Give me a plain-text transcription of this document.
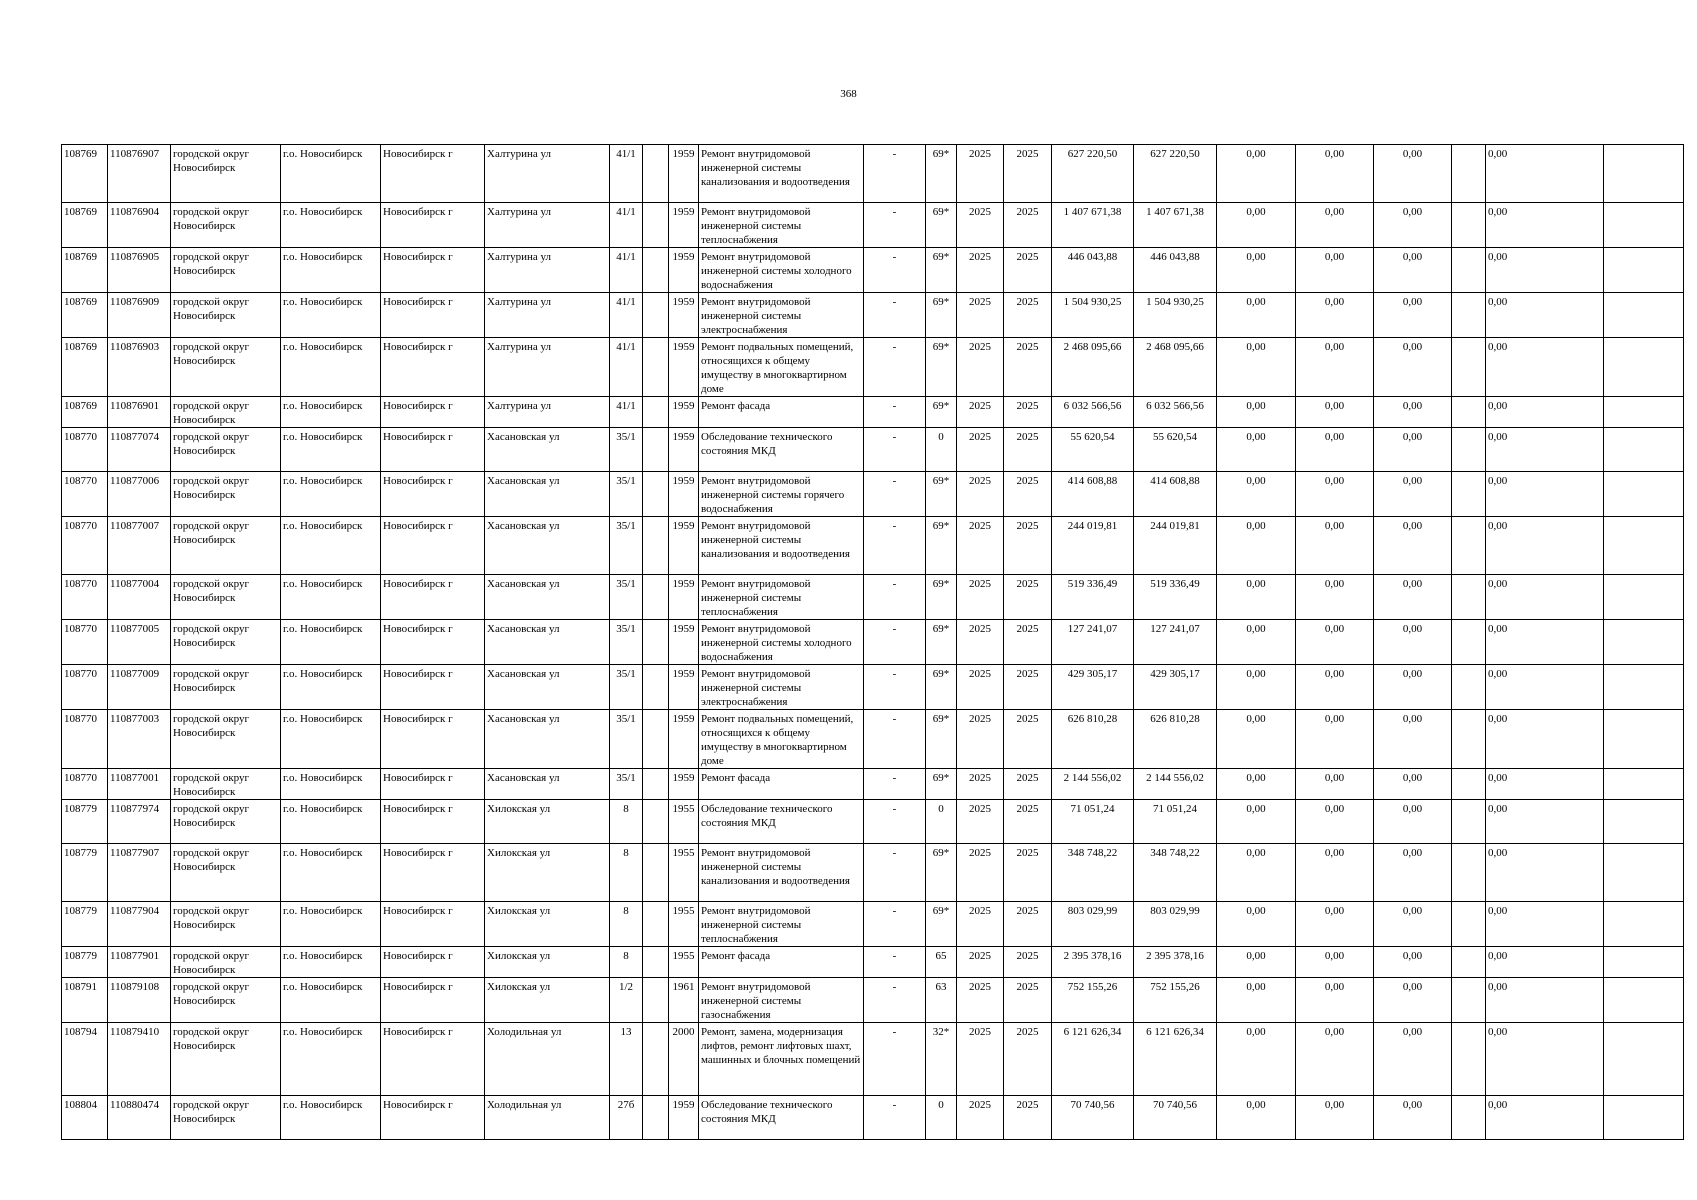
368
108769	110876907	городской округ Новосибирск	г.о. Новосибирск	Новосибирск г	Халтурина ул	41/1		1959	Ремонт внутридомовой инженерной системы канализования и водоотведения	-	69*	2025	2025	627 220,50	627 220,50	0,00	0,00	0,00		0,00	
108769	110876904	городской округ Новосибирск	г.о. Новосибирск	Новосибирск г	Халтурина ул	41/1		1959	Ремонт внутридомовой инженерной системы теплоснабжения	-	69*	2025	2025	1 407 671,38	1 407 671,38	0,00	0,00	0,00		0,00	
108769	110876905	городской округ Новосибирск	г.о. Новосибирск	Новосибирск г	Халтурина ул	41/1		1959	Ремонт внутридомовой инженерной системы холодного водоснабжения	-	69*	2025	2025	446 043,88	446 043,88	0,00	0,00	0,00		0,00	
108769	110876909	городской округ Новосибирск	г.о. Новосибирск	Новосибирск г	Халтурина ул	41/1		1959	Ремонт внутридомовой инженерной системы электроснабжения	-	69*	2025	2025	1 504 930,25	1 504 930,25	0,00	0,00	0,00		0,00	
108769	110876903	городской округ Новосибирск	г.о. Новосибирск	Новосибирск г	Халтурина ул	41/1		1959	Ремонт подвальных помещений, относящихся к общему имуществу в многоквартирном доме	-	69*	2025	2025	2 468 095,66	2 468 095,66	0,00	0,00	0,00		0,00	
108769	110876901	городской округ Новосибирск	г.о. Новосибирск	Новосибирск г	Халтурина ул	41/1		1959	Ремонт фасада	-	69*	2025	2025	6 032 566,56	6 032 566,56	0,00	0,00	0,00		0,00	
108770	110877074	городской округ Новосибирск	г.о. Новосибирск	Новосибирск г	Хасановская ул	35/1		1959	Обследование технического состояния МКД	-	0	2025	2025	55 620,54	55 620,54	0,00	0,00	0,00		0,00	
108770	110877006	городской округ Новосибирск	г.о. Новосибирск	Новосибирск г	Хасановская ул	35/1		1959	Ремонт внутридомовой инженерной системы горячего водоснабжения	-	69*	2025	2025	414 608,88	414 608,88	0,00	0,00	0,00		0,00	
108770	110877007	городской округ Новосибирск	г.о. Новосибирск	Новосибирск г	Хасановская ул	35/1		1959	Ремонт внутридомовой инженерной системы канализования и водоотведения	-	69*	2025	2025	244 019,81	244 019,81	0,00	0,00	0,00		0,00	
108770	110877004	городской округ Новосибирск	г.о. Новосибирск	Новосибирск г	Хасановская ул	35/1		1959	Ремонт внутридомовой инженерной системы теплоснабжения	-	69*	2025	2025	519 336,49	519 336,49	0,00	0,00	0,00		0,00	
108770	110877005	городской округ Новосибирск	г.о. Новосибирск	Новосибирск г	Хасановская ул	35/1		1959	Ремонт внутридомовой инженерной системы холодного водоснабжения	-	69*	2025	2025	127 241,07	127 241,07	0,00	0,00	0,00		0,00	
108770	110877009	городской округ Новосибирск	г.о. Новосибирск	Новосибирск г	Хасановская ул	35/1		1959	Ремонт внутридомовой инженерной системы электроснабжения	-	69*	2025	2025	429 305,17	429 305,17	0,00	0,00	0,00		0,00	
108770	110877003	городской округ Новосибирск	г.о. Новосибирск	Новосибирск г	Хасановская ул	35/1		1959	Ремонт подвальных помещений, относящихся к общему имуществу в многоквартирном доме	-	69*	2025	2025	626 810,28	626 810,28	0,00	0,00	0,00		0,00	
108770	110877001	городской округ Новосибирск	г.о. Новосибирск	Новосибирск г	Хасановская ул	35/1		1959	Ремонт фасада	-	69*	2025	2025	2 144 556,02	2 144 556,02	0,00	0,00	0,00		0,00	
108779	110877974	городской округ Новосибирск	г.о. Новосибирск	Новосибирск г	Хилокская ул	8		1955	Обследование технического состояния МКД	-	0	2025	2025	71 051,24	71 051,24	0,00	0,00	0,00		0,00	
108779	110877907	городской округ Новосибирск	г.о. Новосибирск	Новосибирск г	Хилокская ул	8		1955	Ремонт внутридомовой инженерной системы канализования и водоотведения	-	69*	2025	2025	348 748,22	348 748,22	0,00	0,00	0,00		0,00	
108779	110877904	городской округ Новосибирск	г.о. Новосибирск	Новосибирск г	Хилокская ул	8		1955	Ремонт внутридомовой инженерной системы теплоснабжения	-	69*	2025	2025	803 029,99	803 029,99	0,00	0,00	0,00		0,00	
108779	110877901	городской округ Новосибирск	г.о. Новосибирск	Новосибирск г	Хилокская ул	8		1955	Ремонт фасада	-	65	2025	2025	2 395 378,16	2 395 378,16	0,00	0,00	0,00		0,00	
108791	110879108	городской округ Новосибирск	г.о. Новосибирск	Новосибирск г	Хилокская ул	1/2		1961	Ремонт внутридомовой инженерной системы газоснабжения	-	63	2025	2025	752 155,26	752 155,26	0,00	0,00	0,00		0,00	
108794	110879410	городской округ Новосибирск	г.о. Новосибирск	Новосибирск г	Холодильная ул	13		2000	Ремонт, замена, модернизация лифтов, ремонт лифтовых шахт, машинных и блочных помещений	-	32*	2025	2025	6 121 626,34	6 121 626,34	0,00	0,00	0,00		0,00	
108804	110880474	городской округ Новосибирск	г.о. Новосибирск	Новосибирск г	Холодильная ул	27б		1959	Обследование технического состояния МКД	-	0	2025	2025	70 740,56	70 740,56	0,00	0,00	0,00		0,00	
